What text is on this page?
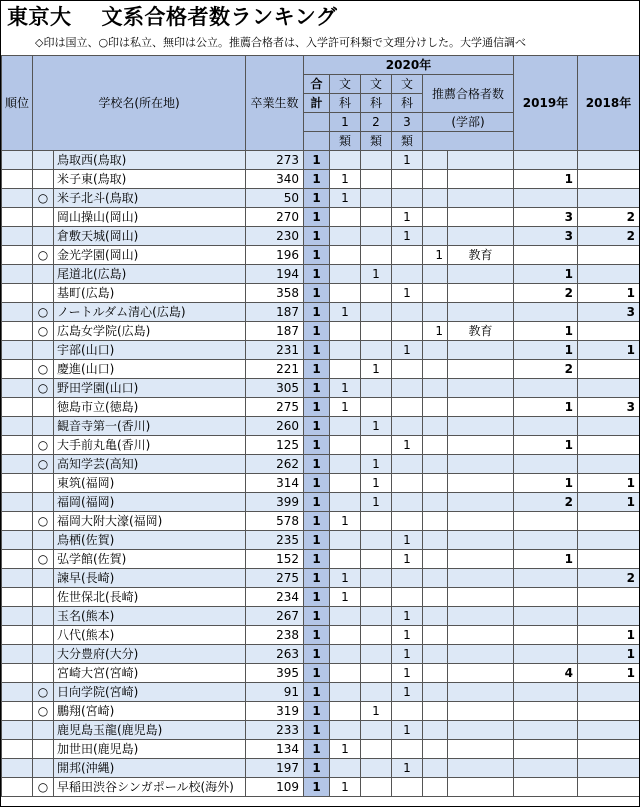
東京大 文系合格者数ランキング
◇印は国立、○印は私立、無印は公立。推薦合格者は、入学許可科類で文理分けした。大学通信調べ
順位	学校名(所在地)		卒業生数	2020年						2019年	2018年
				合	文	文	文	推薦合格者数			
				計	科	科	科				
					1	2	3	(学部)			
					類	類	類				
		鳥取西(鳥取)	273	1			1				
		米子東(鳥取)	340	1	1					1	
	○	米子北斗(鳥取)	50	1	1						
		岡山操山(岡山)	270	1			1			3	2
		倉敷天城(岡山)	230	1			1			3	2
	○	金光学園(岡山)	196	1				1	教育		
		尾道北(広島)	194	1		1				1	
		基町(広島)	358	1			1			2	1
	○	ノートルダム清心(広島)	187	1	1						3
	○	広島女学院(広島)	187	1				1	教育	1	
		宇部(山口)	231	1			1			1	1
	○	慶進(山口)	221	1		1				2	
	○	野田学園(山口)	305	1	1						
		徳島市立(徳島)	275	1	1					1	3
		観音寺第一(香川)	260	1		1					
	○	大手前丸亀(香川)	125	1			1			1	
	○	高知学芸(高知)	262	1		1					
		東筑(福岡)	314	1		1				1	1
		福岡(福岡)	399	1		1				2	1
	○	福岡大附大濠(福岡)	578	1	1						
		鳥栖(佐賀)	235	1			1				
	○	弘学館(佐賀)	152	1			1			1	
		諫早(長崎)	275	1	1						2
		佐世保北(長崎)	234	1	1						
		玉名(熊本)	267	1			1				
		八代(熊本)	238	1			1				1
		大分豊府(大分)	263	1			1				1
		宮崎大宮(宮崎)	395	1			1			4	1
	○	日向学院(宮崎)	91	1			1				
	○	鵬翔(宮崎)	319	1		1					
		鹿児島玉龍(鹿児島)	233	1			1				
		加世田(鹿児島)	134	1	1						
		開邦(沖縄)	197	1			1				
	○	早稲田渋谷シンガポール校(海外)	109	1	1						
